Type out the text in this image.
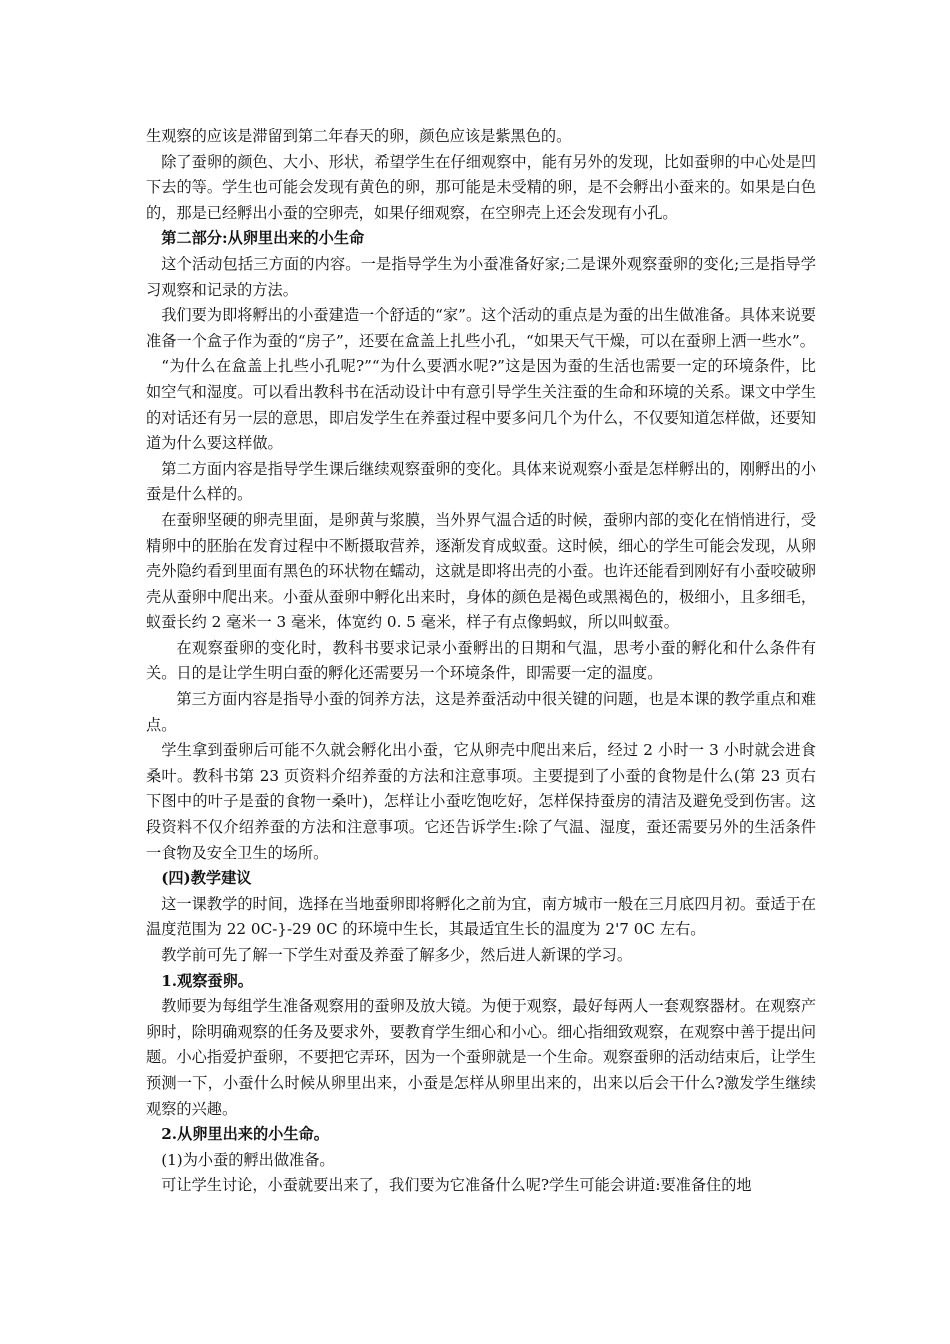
生观察的应该是滞留到第二年春天的卵，颜色应该是紫黑色的。

除了蚕卵的颜色、大小、形状，希望学生在仔细观察中，能有另外的发现，比如蚕卵的中心处是凹下去的等。学生也可能会发现有黄色的卵，那可能是未受精的卵，是不会孵出小蚕来的。如果是白色的，那是已经孵出小蚕的空卵壳，如果仔细观察，在空卵壳上还会发现有小孔。

第二部分:从卵里出来的小生命

这个活动包括三方面的内容。一是指导学生为小蚕准备好家;二是课外观察蚕卵的变化;三是指导学习观察和记录的方法。

我们要为即将孵出的小蚕建造一个舒适的“家”。这个活动的重点是为蚕的出生做准备。具体来说要准备一个盒子作为蚕的“房子”，还要在盒盖上扎些小孔，“如果天气干燥，可以在蚕卵上洒一些水”。

“为什么在盒盖上扎些小孔呢?”“为什么要洒水呢?”这是因为蚕的生活也需要一定的环境条件，比如空气和湿度。可以看出教科书在活动设计中有意引导学生关注蚕的生命和环境的关系。课文中学生的对话还有另一层的意思，即启发学生在养蚕过程中要多问几个为什么，不仅要知道怎样做，还要知道为什么要这样做。

第二方面内容是指导学生课后继续观察蚕卵的变化。具体来说观察小蚕是怎样孵出的，刚孵出的小蚕是什么样的。

在蚕卵坚硬的卵壳里面，是卵黄与浆膜，当外界气温合适的时候，蚕卵内部的变化在悄悄进行，受精卵中的胚胎在发育过程中不断摄取营养，逐渐发育成蚁蚕。这时候，细心的学生可能会发现，从卵壳外隐约看到里面有黑色的环状物在蠕动，这就是即将出壳的小蚕。也许还能看到刚好有小蚕咬破卵壳从蚕卵中爬出来。小蚕从蚕卵中孵化出来时，身体的颜色是褐色或黑褐色的，极细小，且多细毛，蚁蚕长约 2 毫米一 3 毫米，体宽约 0. 5 毫米，样子有点像蚂蚁，所以叫蚁蚕。

在观察蚕卵的变化时，教科书要求记录小蚕孵出的日期和气温，思考小蚕的孵化和什么条件有关。日的是让学生明白蚕的孵化还需要另一个环境条件，即需要一定的温度。

第三方面内容是指导小蚕的饲养方法，这是养蚕活动中很关键的问题，也是本课的教学重点和难点。

学生拿到蚕卵后可能不久就会孵化出小蚕，它从卵壳中爬出来后，经过 2 小时一 3 小时就会进食桑叶。教科书第 23 页资料介绍养蚕的方法和注意事项。主要提到了小蚕的食物是什么(第 23 页右下图中的叶子是蚕的食物一桑叶)，怎样让小蚕吃饱吃好，怎样保持蚕房的清洁及避免受到伤害。这段资料不仅介绍养蚕的方法和注意事项。它还告诉学生:除了气温、湿度，蚕还需要另外的生活条件一食物及安全卫生的场所。

(四)教学建议

这一课教学的时间，选择在当地蚕卵即将孵化之前为宜，南方城市一般在三月底四月初。蚕适于在温度范围为 22 0C-}-29 0C 的环境中生长，其最适宜生长的温度为 2'7 0C 左右。

教学前可先了解一下学生对蚕及养蚕了解多少，然后进人新课的学习。

1.观察蚕卵。

教师要为每组学生准备观察用的蚕卵及放大镜。为便于观察，最好每两人一套观察器材。在观察产卵时，除明确观察的任务及要求外，要教育学生细心和小心。细心指细致观察，在观察中善于提出问题。小心指爱护蚕卵，不要把它弄环，因为一个蚕卵就是一个生命。观察蚕卵的活动结束后，让学生预测一下，小蚕什么时候从卵里出来，小蚕是怎样从卵里出来的，出来以后会干什么?激发学生继续观察的兴趣。

2.从卵里出来的小生命。

(1)为小蚕的孵出做准备。

可让学生讨论，小蚕就要出来了，我们要为它准备什么呢?学生可能会讲道:要准备住的地
